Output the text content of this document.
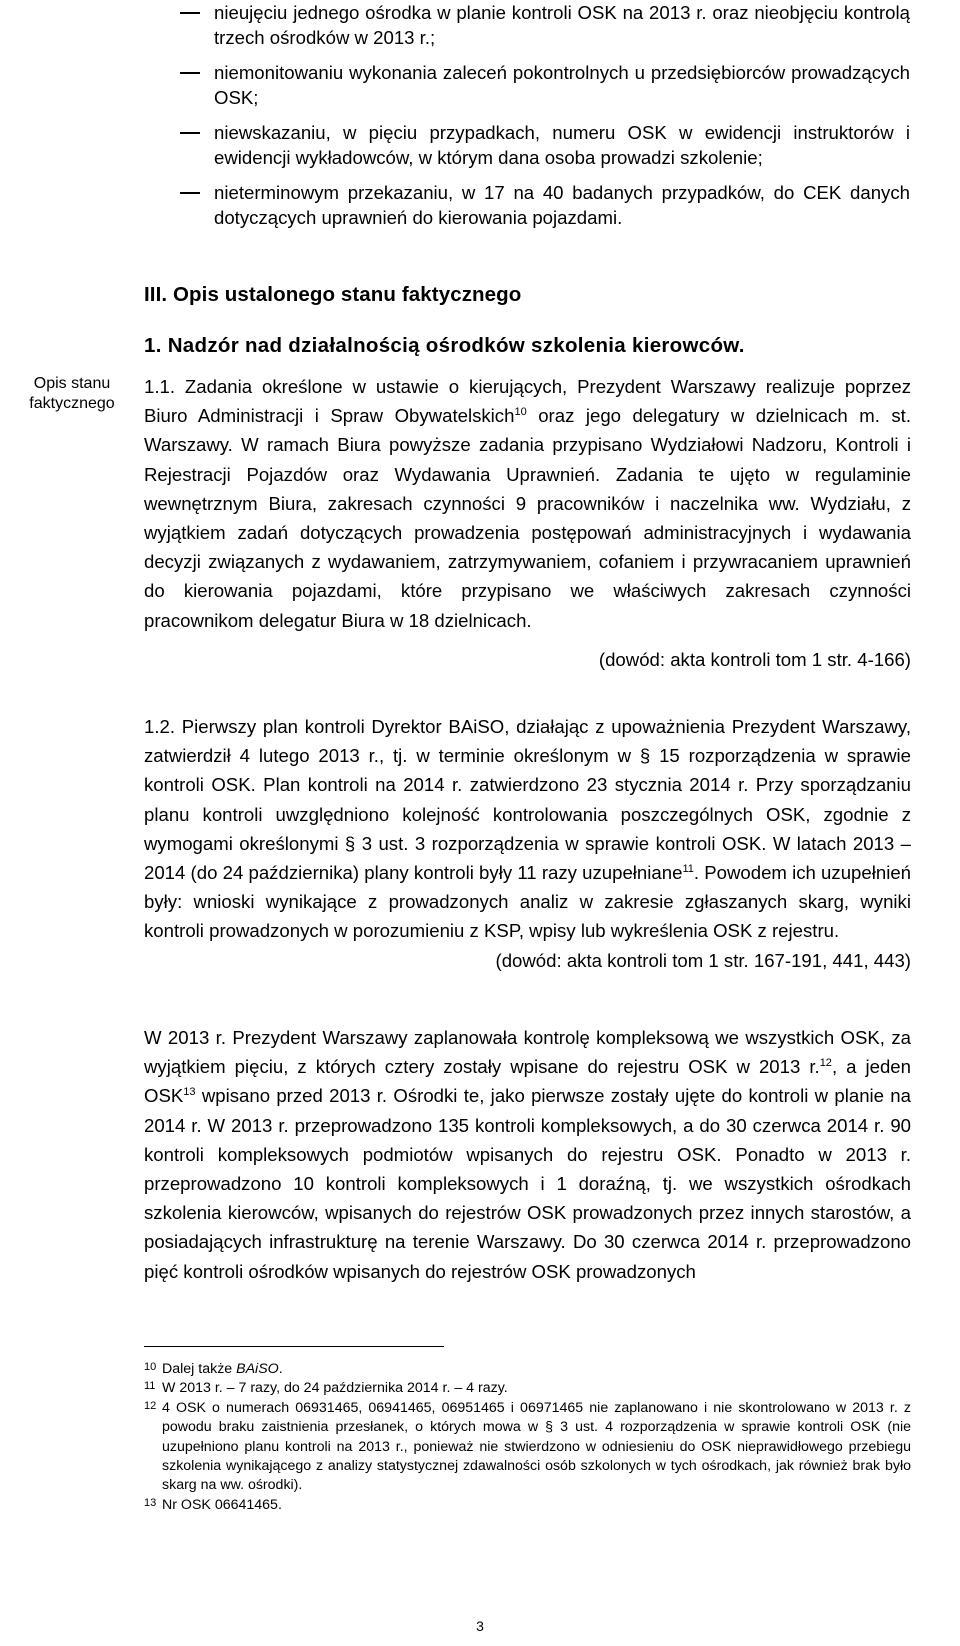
nieujęciu jednego ośrodka w planie kontroli OSK na 2013 r. oraz nieobjęciu kontrolą trzech ośrodków w 2013 r.;
niemonitowaniu wykonania zaleceń pokontrolnych u przedsiębiorców prowadzących OSK;
niewskazaniu, w pięciu przypadkach, numeru OSK w ewidencji instruktorów i ewidencji wykładowców, w którym dana osoba prowadzi szkolenie;
nieterminowym przekazaniu, w 17 na 40 badanych przypadków, do CEK danych dotyczących uprawnień do kierowania pojazdami.
Opis stanu faktycznego
III. Opis ustalonego stanu faktycznego
1. Nadzór nad działalnością ośrodków szkolenia kierowców.

1.1. Zadania określone w ustawie o kierujących, Prezydent Warszawy realizuje poprzez Biuro Administracji i Spraw Obywatelskich$^{10}$ oraz jego delegatury w dzielnicach m. st. Warszawy. W ramach Biura powyższe zadania przypisano Wydziałowi Nadzoru, Kontroli i Rejestracji Pojazdów oraz Wydawania Uprawnień. Zadania te ujęto w regulaminie wewnętrznym Biura, zakresach czynności 9 pracowników i naczelnika ww. Wydziału, z wyjątkiem zadań dotyczących prowadzenia postępowań administracyjnych i wydawania decyzji związanych z wydawaniem, zatrzymywaniem, cofaniem i przywracaniem uprawnień do kierowania pojazdami, które przypisano we właściwych zakresach czynności pracownikom delegatur Biura w 18 dzielnicach.

(dowód: akta kontroli tom 1 str. 4-166)

1.2. Pierwszy plan kontroli Dyrektor BAiSO, działając z upoważnienia Prezydent Warszawy, zatwierdził 4 lutego 2013 r., tj. w terminie określonym w § 15 rozporządzenia w sprawie kontroli OSK. Plan kontroli na 2014 r. zatwierdzono 23 stycznia 2014 r. Przy sporządzaniu planu kontroli uwzględniono kolejność kontrolowania poszczególnych OSK, zgodnie z wymogami określonymi § 3 ust. 3 rozporządzenia w sprawie kontroli OSK. W latach 2013 – 2014 (do 24 października) plany kontroli były 11 razy uzupełniane$^{11}$. Powodem ich uzupełnień były: wnioski wynikające z prowadzonych analiz w zakresie zgłaszanych skarg, wyniki kontroli prowadzonych w porozumieniu z KSP, wpisy lub wykreślenia OSK z rejestru.

(dowód: akta kontroli tom 1 str. 167-191, 441, 443)

W 2013 r. Prezydent Warszawy zaplanowała kontrolę kompleksową we wszystkich OSK, za wyjątkiem pięciu, z których cztery zostały wpisane do rejestru OSK w 2013 r.$^{12}$, a jeden OSK$^{13}$ wpisano przed 2013 r. Ośrodki te, jako pierwsze zostały ujęte do kontroli w planie na 2014 r. W 2013 r. przeprowadzono 135 kontroli kompleksowych, a do 30 czerwca 2014 r. 90 kontroli kompleksowych podmiotów wpisanych do rejestru OSK. Ponadto w 2013 r. przeprowadzono 10 kontroli kompleksowych i 1 doraźną, tj. we wszystkich ośrodkach szkolenia kierowców, wpisanych do rejestrów OSK prowadzonych przez innych starostów, a posiadających infrastrukturę na terenie Warszawy. Do 30 czerwca 2014 r. przeprowadzono pięć kontroli ośrodków wpisanych do rejestrów OSK prowadzonych

10 Dalej także BAiSO.
11 W 2013 r. – 7 razy, do 24 października 2014 r. – 4 razy.
12 4 OSK o numerach 06931465, 06941465, 06951465 i 06971465 nie zaplanowano i nie skontrolowano w 2013 r. z powodu braku zaistnienia przesłanek, o których mowa w § 3 ust. 4 rozporządzenia w sprawie kontroli OSK (nie uzupełniono planu kontroli na 2013 r., ponieważ nie stwierdzono w odniesieniu do OSK nieprawidłowego przebiegu szkolenia wynikającego z analizy statystycznej zdawalności osób szkolonych w tych ośrodkach, jak również brak było skarg na ww. ośrodki).
13 Nr OSK 06641465.
3
